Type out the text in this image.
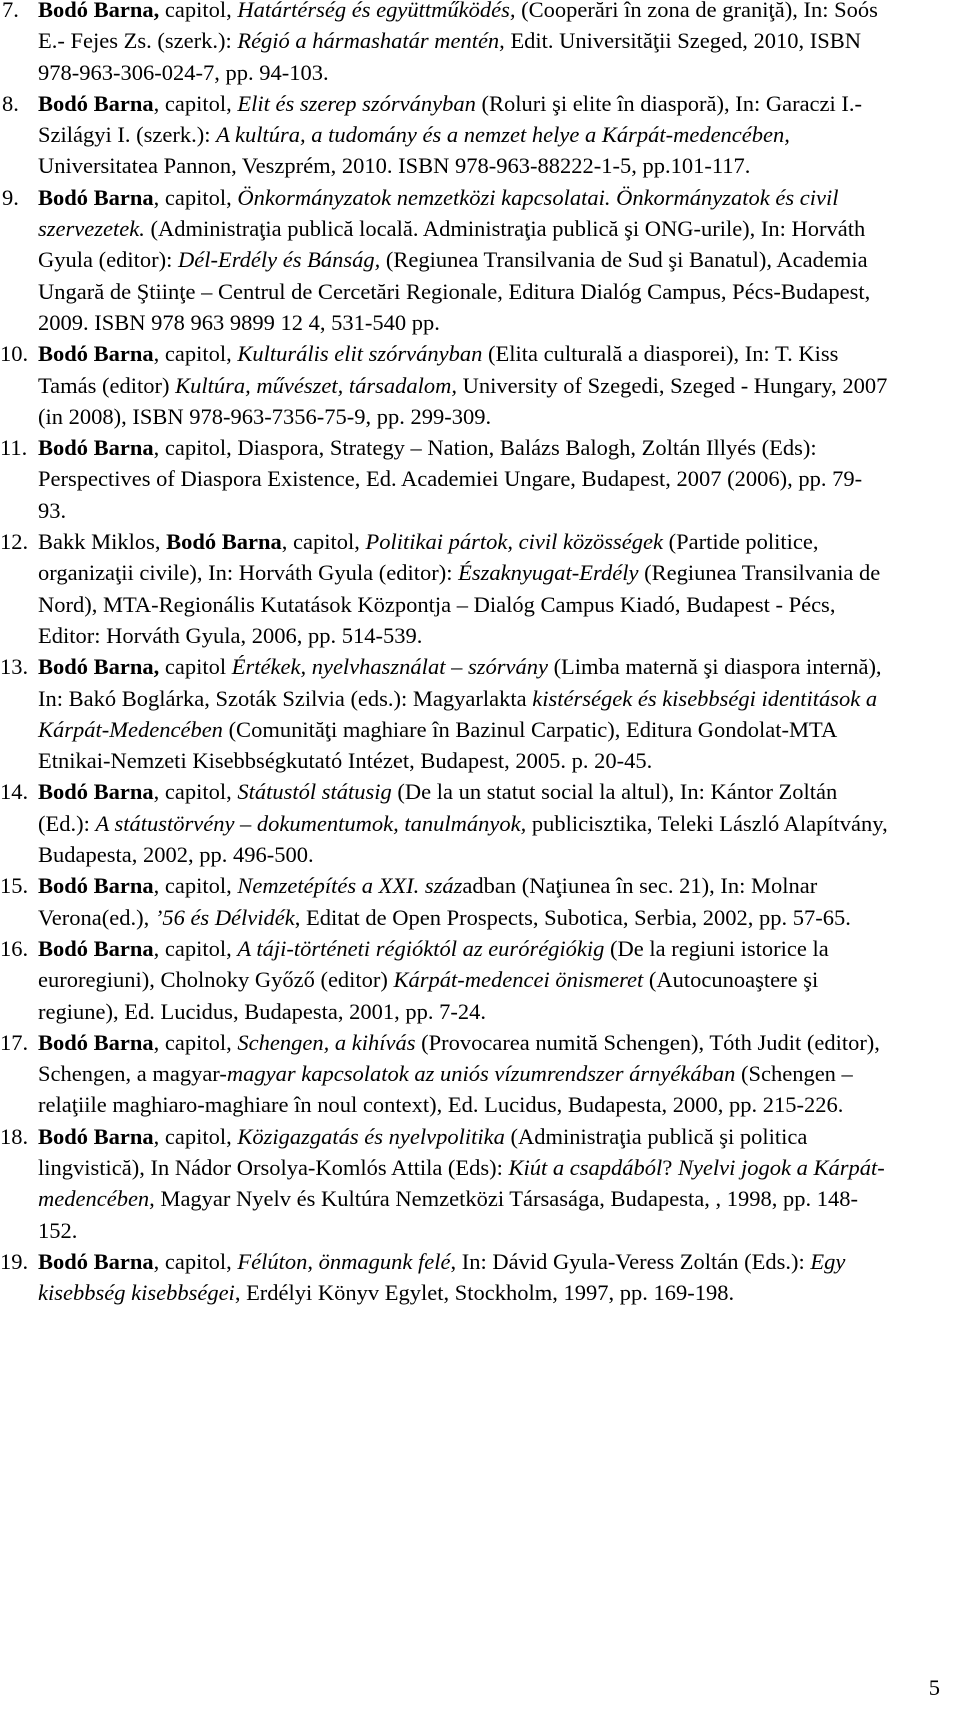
7. Bodó Barna, capitol, Határtérség és együttműködés, (Cooperări în zona de graniţă), In: Soós E.- Fejes Zs. (szerk.): Régió a hármashatár mentén, Edit. Universităţii Szeged, 2010, ISBN 978-963-306-024-7, pp. 94-103.
8. Bodó Barna, capitol, Elit és szerep szórványban (Roluri şi elite în diasporă), In: Garaczi I.- Szilágyi I. (szerk.): A kultúra, a tudomány és a nemzet helye a Kárpát-medencében, Universitatea Pannon, Veszprém, 2010. ISBN 978-963-88222-1-5, pp.101-117.
9. Bodó Barna, capitol, Önkormányzatok nemzetközi kapcsolatai. Önkormányzatok és civil szervezetek. (Administraţia publică locală. Administraţia publică şi ONG-urile), In: Horváth Gyula (editor): Dél-Erdély és Bánság, (Regiunea Transilvania de Sud şi Banatul), Academia Ungară de Ştiinţe – Centrul de Cercetări Regionale, Editura Dialóg Campus, Pécs-Budapest, 2009. ISBN 978 963 9899 12 4, 531-540 pp.
10. Bodó Barna, capitol, Kulturális elit szórványban (Elita culturală a diasporei), In: T. Kiss Tamás (editor) Kultúra, művészet, társadalom, University of Szegedi, Szeged - Hungary, 2007 (in 2008), ISBN 978-963-7356-75-9, pp. 299-309.
11. Bodó Barna, capitol, Diaspora, Strategy – Nation, Balázs Balogh, Zoltán Illyés (Eds): Perspectives of Diaspora Existence, Ed. Academiei Ungare, Budapest, 2007 (2006), pp. 79-93.
12. Bakk Miklos, Bodó Barna, capitol, Politikai pártok, civil közösségek (Partide politice, organizaţii civile), In: Horváth Gyula (editor): Északnyugat-Erdély (Regiunea Transilvania de Nord), MTA-Regionális Kutatások Központja – Dialóg Campus Kiadó, Budapest - Pécs, Editor: Horváth Gyula, 2006, pp. 514-539.
13. Bodó Barna, capitol Értékek, nyelvhasználat – szórvány (Limba maternă şi diaspora internă), In: Bakó Boglárka, Szoták Szilvia (eds.): Magyarlakta kistérségek és kisebbségi identitások a Kárpát-Medencében (Comunităţi maghiare în Bazinul Carpatic), Editura Gondolat-MTA Etnikai-Nemzeti Kisebbségkutató Intézet, Budapest, 2005. p. 20-45.
14. Bodó Barna, capitol, Státustól státusig (De la un statut social la altul), In: Kántor Zoltán (Ed.): A státustörvény – dokumentumok, tanulmányok, publicisztika, Teleki László Alapítvány, Budapesta, 2002, pp. 496-500.
15. Bodó Barna, capitol, Nemzetépítés a XXI. században (Naţiunea în sec. 21), In: Molnar Verona(ed.), ’56 és Délvidék, Editat de Open Prospects, Subotica, Serbia, 2002, pp. 57-65.
16. Bodó Barna, capitol, A táji-történeti régióktól az eurórégiókig (De la regiuni istorice la euroregiuni), Cholnoky Győző (editor) Kárpát-medencei önismeret (Autocunoaştere şi regiune), Ed. Lucidus, Budapesta, 2001, pp. 7-24.
17. Bodó Barna, capitol, Schengen, a kihívás (Provocarea numită Schengen), Tóth Judit (editor), Schengen, a magyar-magyar kapcsolatok az uniós vízumrendszer árnyékában (Schengen – relaţiile maghiaro-maghiare în noul context), Ed. Lucidus, Budapesta, 2000, pp. 215-226.
18. Bodó Barna, capitol, Közigazgatás és nyelvpolitika (Administraţia publică şi politica lingvistică), In Nádor Orsolya-Komlós Attila (Eds): Kiút a csapdából? Nyelvi jogok a Kárpát-medencében, Magyar Nyelv és Kultúra Nemzetközi Társasága, Budapesta, , 1998, pp. 148-152.
19. Bodó Barna, capitol, Félúton, önmagunk felé, In: Dávid Gyula-Veress Zoltán (Eds.): Egy kisebbség kisebbségei, Erdélyi Könyv Egylet, Stockholm, 1997, pp. 169-198.
5
